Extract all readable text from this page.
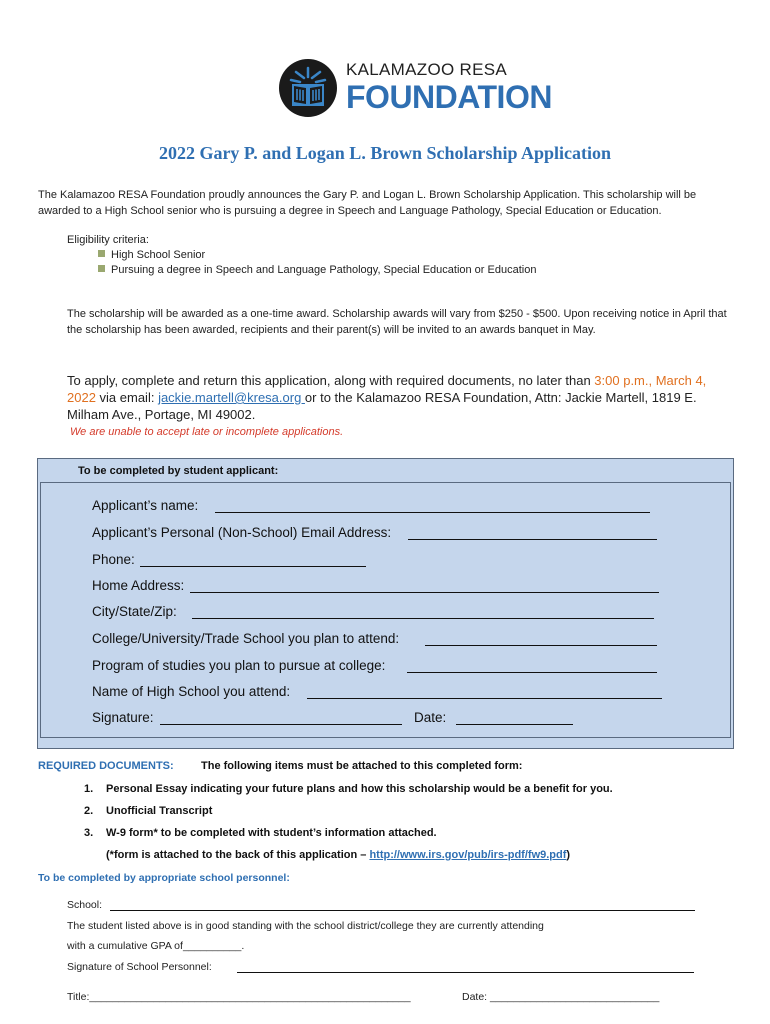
KALAMAZOO RESA
FOUNDATION
2022 Gary P. and Logan L. Brown Scholarship Application
The Kalamazoo RESA Foundation proudly announces the Gary P. and Logan L. Brown Scholarship Application. This scholarship will be awarded to a High School senior who is pursuing a degree in Speech and Language Pathology, Special Education or Education.
Eligibility criteria:
High School Senior
Pursuing a degree in Speech and Language Pathology, Special Education or Education
The scholarship will be awarded as a one-time award. Scholarship awards will vary from $250 - $500. Upon receiving notice in April that the scholarship has been awarded, recipients and their parent(s) will be invited to an awards banquet in May.
To apply, complete and return this application, along with required documents, no later than 3:00 p.m., March 4, 2022 via email: jackie.martell@kresa.org or to the Kalamazoo RESA Foundation, Attn: Jackie Martell, 1819 E. Milham Ave., Portage, MI 49002.
We are unable to accept late or incomplete applications.
To be completed by student applicant:
Applicant’s name:
Applicant’s Personal (Non-School) Email Address:
Phone:
Home Address:
City/State/Zip:
College/University/Trade School you plan to attend:
Program of studies you plan to pursue at college:
Name of High School you attend:
Signature:	Date:
REQUIRED DOCUMENTS: The following items must be attached to this completed form:
1. Personal Essay indicating your future plans and how this scholarship would be a benefit for you.
2. Unofficial Transcript
3. W-9 form* to be completed with student’s information attached.
(*form is attached to the back of this application – http://www.irs.gov/pub/irs-pdf/fw9.pdf)
To be completed by appropriate school personnel:
School:
The student listed above is in good standing with the school district/college they are currently attending
with a cumulative GPA of__________.
Signature of School Personnel:
Title:_______________________________________________________	Date: _____________________________
